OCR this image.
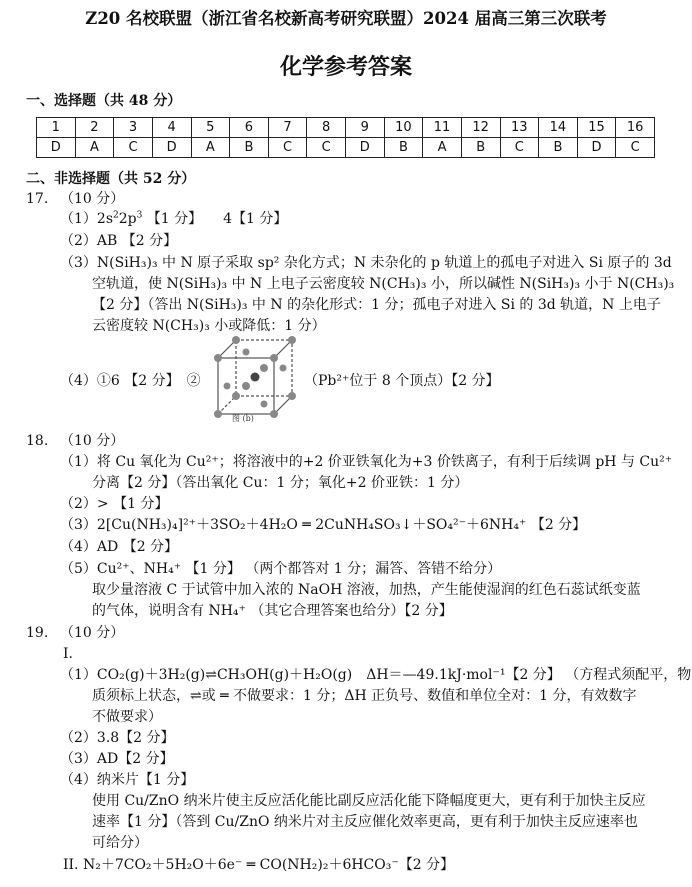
Z20 名校联盟（浙江省名校新高考研究联盟）2024 届高三第三次联考
化学参考答案
一、选择题（共 48 分）
1	2	3	4	5	6	7	8	9	10	11	12	13	14	15	16
D	A	C	D	A	B	C	C	D	B	A	B	C	B	D	C
二、非选择题（共 52 分）
17. （10 分）
$(1)2s^22p^3$ 【1 分】　　4【1 分】
（2）AB 【2 分】
（3）N(SiH₃)₃ 中 N 原子采取 sp² 杂化方式；N 未杂化的 p 轨道上的孤电子对进入 Si 原子的 3d
空轨道，使 N(SiH₃)₃ 中 N 上电子云密度较 N(CH₃)₃ 小，所以碱性 N(SiH₃)₃ 小于 N(CH₃)₃
【2 分】（答出 N(SiH₃)₃ 中 N 的杂化形式：1 分；孤电子对进入 Si 的 3d 轨道，N 上电子
云密度较 N(CH₃)₃ 小或降低：1 分）
（4）①6 【2 分】　②
图 (b)
（Pb²⁺位于 8 个顶点）【2 分】
18. （10 分）
（1）将 Cu 氧化为 Cu²⁺；将溶液中的+2 价亚铁氧化为+3 价铁离子，有利于后续调 pH 与 Cu²⁺
分离【2 分】（答出氧化 Cu：1 分；氧化+2 价亚铁：1 分）
（2）> 【1 分】
（3）2[Cu(NH₃)₄]²⁺＋3SO₂＋4H₂O ═ 2CuNH₄SO₃↓＋SO₄²⁻＋6NH₄⁺ 【2 分】
（4）AD 【2 分】
（5）Cu²⁺、NH₄⁺ 【1 分】 （两个都答对 1 分；漏答、答错不给分）
取少量溶液 C 于试管中加入浓的 NaOH 溶液，加热，产生能使湿润的红色石蕊试纸变蓝
的气体，说明含有 NH₄⁺ （其它合理答案也给分）【2 分】
19. （10 分）
I.
（1）CO₂(g)＋3H₂(g)⇌CH₃OH(g)＋H₂O(g)　ΔH＝—49.1kJ·mol⁻¹【2 分】 （方程式须配平，物
质须标上状态，⇌或 ═ 不做要求：1 分；ΔH 正负号、数值和单位全对：1 分，有效数字
不做要求）
（2）3.8【2 分】
（3）AD【2 分】
（4）纳米片【1 分】
使用 Cu/ZnO 纳米片使主反应活化能比副反应活化能下降幅度更大，更有利于加快主反应
速率【1 分】（答到 Cu/ZnO 纳米片对主反应催化效率更高，更有利于加快主反应速率也
可给分）
II. N₂＋7CO₂＋5H₂O＋6e⁻ ═ CO(NH₂)₂＋6HCO₃⁻【2 分】
